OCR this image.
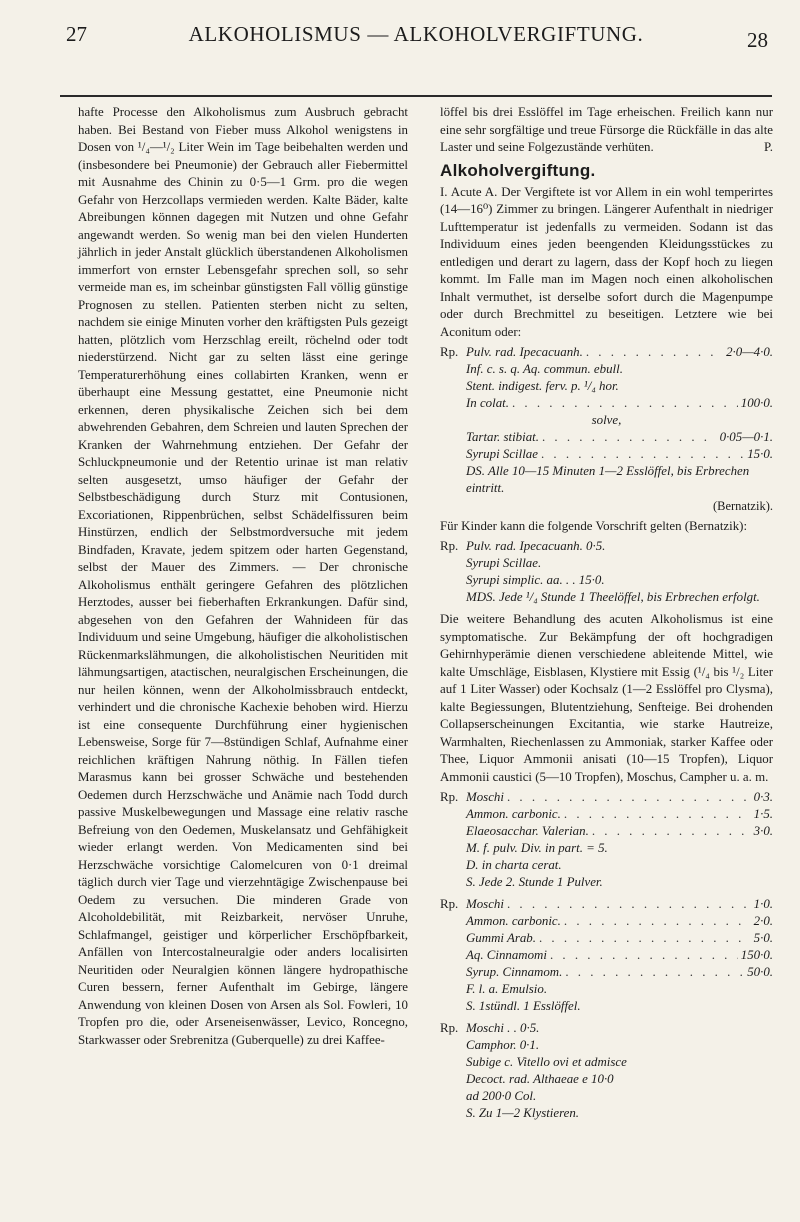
27	ALKOHOLISMUS — ALKOHOLVERGIFTUNG.	28

hafte Processe den Alkoholismus zum Ausbruch gebracht haben. Bei Bestand von Fieber muss Alkohol wenigstens in Dosen von ¹/₄—¹/₂ Liter Wein im Tage beibehalten werden und (insbesondere bei Pneumonie) der Gebrauch aller Fiebermittel mit Ausnahme des Chinin zu 0·5—1 Grm. pro die wegen Gefahr von Herzcollaps vermieden werden. Kalte Bäder, kalte Abreibungen können dagegen mit Nutzen und ohne Gefahr angewandt werden. So wenig man bei den vielen Hunderten jährlich in jeder Anstalt glücklich überstandenen Alkoholismen immerfort von ernster Lebensgefahr sprechen soll, so sehr vermeide man es, im scheinbar günstigsten Fall völlig günstige Prognosen zu stellen. Patienten sterben nicht zu selten, nachdem sie einige Minuten vorher den kräftigsten Puls gezeigt hatten, plötzlich vom Herzschlag ereilt, röchelnd oder todt niederstürzend. Nicht gar zu selten lässt eine geringe Temperaturerhöhung eines collabirten Kranken, wenn er überhaupt eine Messung gestattet, eine Pneumonie nicht erkennen, deren physikalische Zeichen sich bei dem abwehrenden Gebahren, dem Schreien und lauten Sprechen der Kranken der Wahrnehmung entziehen. Der Gefahr der Schluckpneumonie und der Retentio urinae ist man relativ selten ausgesetzt, umso häufiger der Gefahr der Selbstbeschädigung durch Sturz mit Contusionen, Excoriationen, Rippenbrüchen, selbst Schädelfissuren beim Hinstürzen, endlich der Selbstmordversuche mit jedem Bindfaden, Kravate, jedem spitzem oder harten Gegenstand, selbst der Mauer des Zimmers. — Der chronische Alkoholismus enthält geringere Gefahren des plötzlichen Herztodes, ausser bei fieberhaften Erkrankungen. Dafür sind, abgesehen von den Gefahren der Wahnideen für das Individuum und seine Umgebung, häufiger die alkoholistischen Rückenmarkslähmungen, die alkoholistischen Neuritiden mit lähmungsartigen, atactischen, neuralgischen Erscheinungen, die nur heilen können, wenn der Alkoholmissbrauch entdeckt, verhindert und die chronische Kachexie behoben wird. Hierzu ist eine consequente Durchführung einer hygienischen Lebensweise, Sorge für 7—8stündigen Schlaf, Aufnahme einer reichlichen kräftigen Nahrung nöthig. In Fällen tiefen Marasmus kann bei grosser Schwäche und bestehenden Oedemen durch Herzschwäche und Anämie nach Todd durch passive Muskelbewegungen und Massage eine relativ rasche Befreiung von den Oedemen, Muskelansatz und Gehfähigkeit wieder erlangt werden. Von Medicamenten sind bei Herzschwäche vorsichtige Calomelcuren von 0·1 dreimal täglich durch vier Tage und vierzehntägige Zwischenpause bei Oedem zu versuchen. Die minderen Grade von Alcoholdebilität, mit Reizbarkeit, nervöser Unruhe, Schlafmangel, geistiger und körperlicher Erschöpfbarkeit, Anfällen von Intercostalneuralgie oder anders localisirten Neuritiden oder Neuralgien können längere hydropathische Curen bessern, ferner Aufenthalt im Gebirge, längere Anwendung von kleinen Dosen von Arsen als Sol. Fowleri, 10 Tropfen pro die, oder Arseneisenwässer, Levico, Roncegno, Starkwasser oder Srebrenitza (Guberquelle) zu drei Kaffee-

löffel bis drei Esslöffel im Tage erheischen. Freilich kann nur eine sehr sorgfältige und treue Fürsorge die Rückfälle in das alte Laster und seine Folgezustände verhüten.	P.

Alkoholvergiftung.

I. Acute A. Der Vergiftete ist vor Allem in ein wohl temperirtes (14—16⁰) Zimmer zu bringen. Längerer Aufenthalt in niedriger Lufttemperatur ist jedenfalls zu vermeiden. Sodann ist das Individuum eines jeden beengenden Kleidungsstückes zu entledigen und derart zu lagern, dass der Kopf hoch zu liegen kommt. Im Falle man im Magen noch einen alkoholischen Inhalt vermuthet, ist derselbe sofort durch die Magenpumpe oder durch Brechmittel zu beseitigen. Letztere wie bei Aconitum oder:

Rp. Pulv. rad. Ipecacuanh. . . .	2·0—4·0.
Inf. c. s. q. Aq. commun. ebull.
Stent. indigest. ferv. p. ¹/₄ hor.
In colat. . . .	100·0.
solve,
Tartar. stibiat. . . .	0·05—0·1.
Syrupi Scillae . . .	15·0.
DS. Alle 10—15 Minuten 1—2 Esslöffel, bis Erbrechen eintritt.
(Bernatzik).

Für Kinder kann die folgende Vorschrift gelten (Bernatzik):

Rp. Pulv. rad. Ipecacuanh. 0·5.
Syrupi Scillae.
Syrupi simplic. aa. . . 15·0.
MDS. Jede ¹/₄ Stunde 1 Theelöffel, bis Erbrechen erfolgt.

Die weitere Behandlung des acuten Alkoholismus ist eine symptomatische. Zur Bekämpfung der oft hochgradigen Gehirnhyperämie dienen verschiedene ableitende Mittel, wie kalte Umschläge, Eisblasen, Klystiere mit Essig (¹/₄ bis ¹/₂ Liter auf 1 Liter Wasser) oder Kochsalz (1—2 Esslöffel pro Clysma), kalte Begiessungen, Blutentziehung, Senfteige. Bei drohenden Collapserscheinungen Excitantia, wie starke Hautreize, Warmhalten, Riechenlassen zu Ammoniak, starker Kaffee oder Thee, Liquor Ammonii anisati (10—15 Tropfen), Liquor Ammonii caustici (5—10 Tropfen), Moschus, Campher u. a. m.

Rp. Moschi . . .	0·3.
Ammon. carbonic. . . .	1·5.
Elaeosacchar. Valerian. . . .	3·0.
M. f. pulv. Div. in part. = 5.
D. in charta cerat.
S. Jede 2. Stunde 1 Pulver.
Rp. Moschi . . .	1·0.
Ammon. carbonic. . . .	2·0.
Gummi Arab. . . .	5·0.
Aq. Cinnamomi . . .	150·0.
Syrup. Cinnamom. . . .	50·0.
F. l. a. Emulsio.
S. 1stündl. 1 Esslöffel.
Rp. Moschi . . 0·5.
Camphor. 0·1.
Subige c. Vitello ovi et admisce
Decoct. rad. Althaeae e 10·0
ad 200·0 Col.
S. Zu 1—2 Klystieren.
